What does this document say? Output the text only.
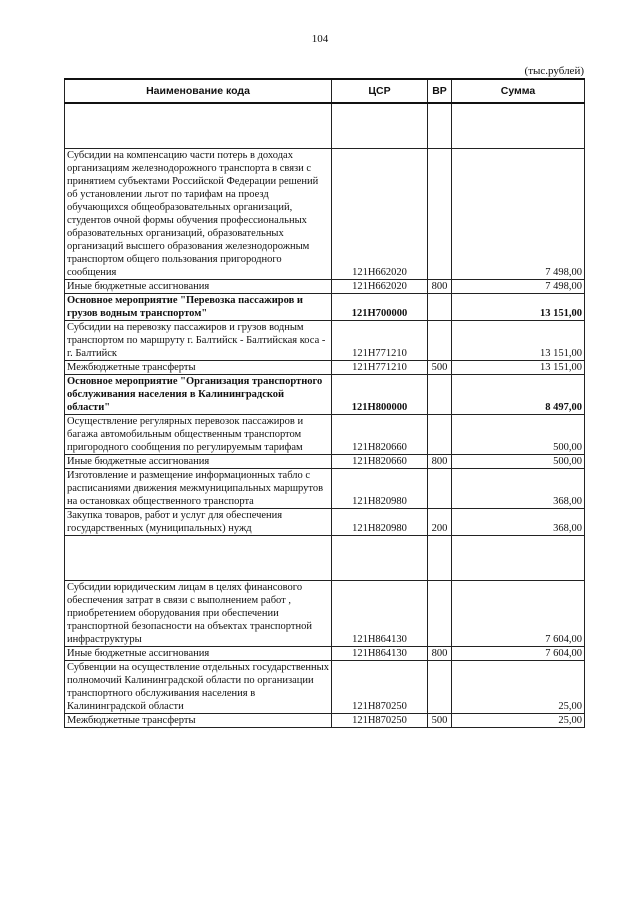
104
(тыс.рублей)
Наименование кода	ЦСР	ВР	Сумма

Субсидии на компенсацию части потерь в доходах организациям железнодорожного транспорта в связи с принятием субъектами Российской Федерации решений об установлении льгот по тарифам на проезд обучающихся общеобразовательных организаций, студентов очной формы обучения профессиональных образовательных организаций, образовательных организаций высшего образования железнодорожным транспортом общего пользования пригородного сообщения	121Н662020		7 498,00
Иные бюджетные ассигнования	121Н662020	800	7 498,00
Основное мероприятие "Перевозка пассажиров и грузов водным транспортом"	121Н700000		13 151,00
Субсидии на перевозку пассажиров и грузов водным транспортом по маршруту г. Балтийск - Балтийская коса - г. Балтийск	121Н771210		13 151,00
Межбюджетные трансферты	121Н771210	500	13 151,00
Основное мероприятие "Организация транспортного обслуживания населения в Калининградской области"	121Н800000		8 497,00
Осуществление регулярных перевозок пассажиров и багажа автомобильным общественным транспортом пригородного сообщения по регулируемым тарифам	121Н820660		500,00
Иные бюджетные ассигнования	121Н820660	800	500,00
Изготовление и размещение информационных табло с расписаниями движения межмуниципальных маршрутов на остановках общественного транспорта	121Н820980		368,00
Закупка товаров, работ и услуг для обеспечения государственных (муниципальных) нужд	121Н820980	200	368,00

Субсидии юридическим лицам в целях финансового обеспечения затрат в связи с выполнением работ , приобретением оборудования при обеспечении транспортной безопасности на объектах транспортной инфраструктуры	121Н864130		7 604,00
Иные бюджетные ассигнования	121Н864130	800	7 604,00
Субвенции на осуществление отдельных государственных полномочий Калининградской области по организации транспортного обслуживания населения в Калининградской области	121Н870250		25,00
Межбюджетные трансферты	121Н870250	500	25,00
